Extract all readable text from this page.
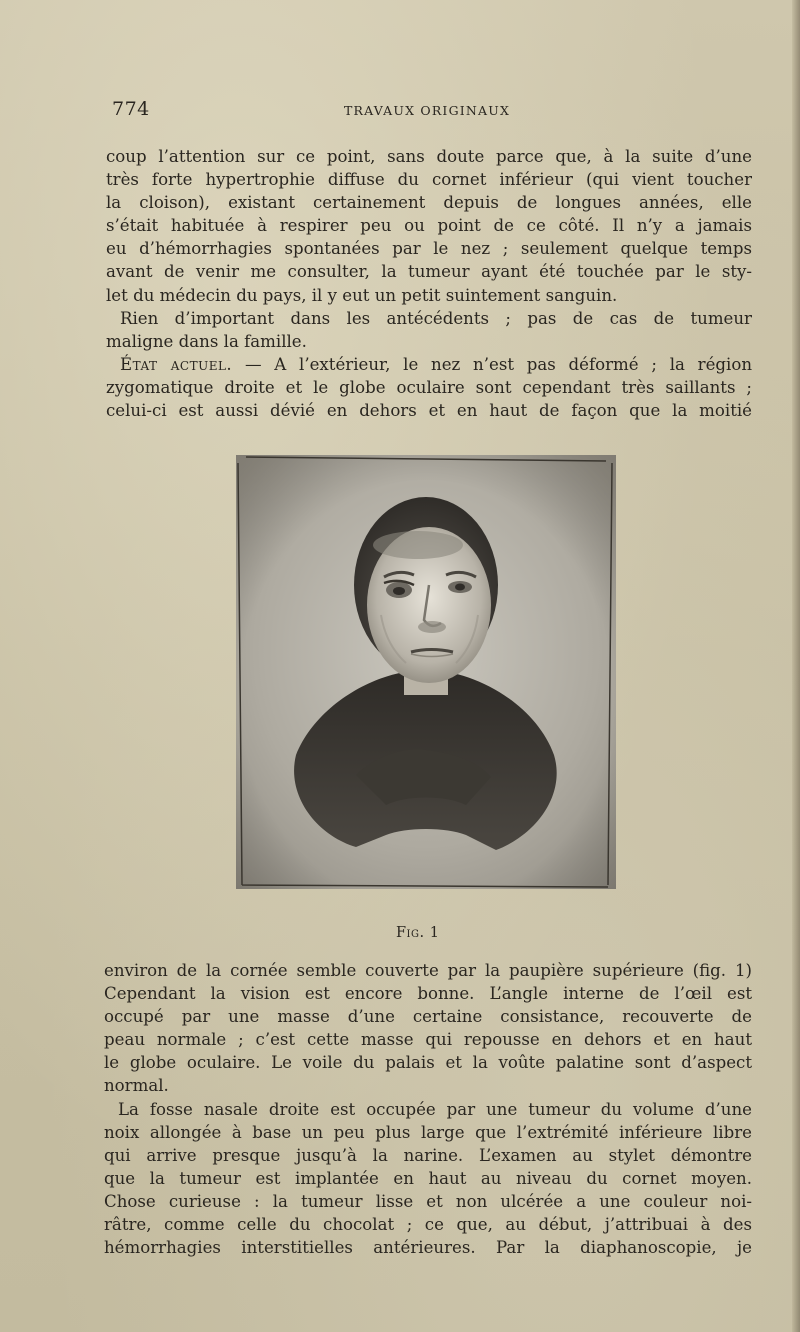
774	TRAVAUX ORIGINAUX
coup l’attention sur ce point, sans doute parce que, à la suite d’une
très forte hypertrophie diffuse du cornet inférieur (qui vient toucher
la cloison), existant certainement depuis de longues années, elle
s’était habituée à respirer peu ou point de ce côté. Il n’y a jamais
eu d’hémorrhagies spontanées par le nez ; seulement quelque temps
avant de venir me consulter, la tumeur ayant été touchée par le sty-
let du médecin du pays, il y eut un petit suintement sanguin.
Rien d’important dans les antécédents ; pas de cas de tumeur
maligne dans la famille.
État actuel. — A l’extérieur, le nez n’est pas déformé ; la région
zygomatique droite et le globe oculaire sont cependant très saillants ;
celui-ci est aussi dévié en dehors et en haut de façon que la moitié
Fig. 1
environ de la cornée semble couverte par la paupière supérieure (fig. 1)
Cependant la vision est encore bonne. L’angle interne de l’œil est
occupé par une masse d’une certaine consistance, recouverte de
peau normale ; c’est cette masse qui repousse en dehors et en haut
le globe oculaire. Le voile du palais et la voûte palatine sont d’aspect
normal.
La fosse nasale droite est occupée par une tumeur du volume d’une
noix allongée à base un peu plus large que l’extrémité inférieure libre
qui arrive presque jusqu’à la narine. L’examen au stylet démontre
que la tumeur est implantée en haut au niveau du cornet moyen.
Chose curieuse : la tumeur lisse et non ulcérée a une couleur noi-
râtre, comme celle du chocolat ; ce que, au début, j’attribuai à des
hémorrhagies interstitielles antérieures. Par la diaphanoscopie, je
